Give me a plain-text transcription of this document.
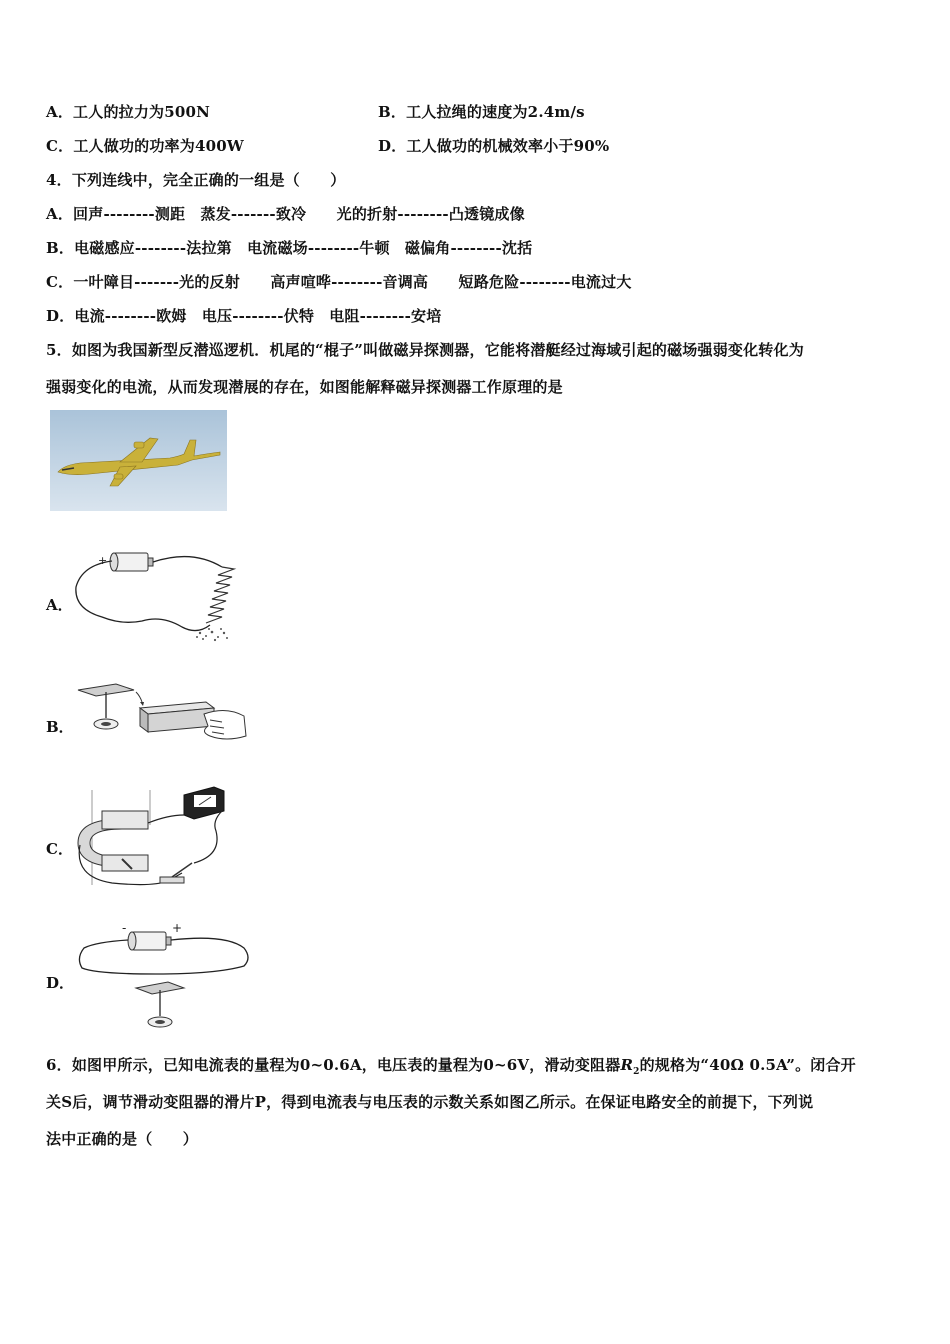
A．工人的拉力为500N	B．工人拉绳的速度为2.4m/s
C．工人做功的功率为400W	D．工人做功的机械效率小于90%
4．下列连线中，完全正确的一组是（　　）
A．回声--------测距　蒸发-------致冷　　光的折射--------凸透镜成像
B．电磁感应--------法拉第　电流磁场--------牛顿　磁偏角--------沈括
C．一叶障目-------光的反射　　高声喧哗--------音调高　　短路危险--------电流过大
D．电流--------欧姆　电压--------伏特　电阻--------安培
5．如图为我国新型反潜巡逻机．机尾的“棍子”叫做磁异探测器，它能将潜艇经过海域引起的磁场强弱变化转化为
强弱变化的电流，从而发现潜展的存在，如图能解释磁异探测器工作原理的是
A．
+
B．
C．
D．
-	+
6．如图甲所示，已知电流表的量程为0~0.6A，电压表的量程为0~6V，滑动变阻器$R_2$的规格为“40Ω 0.5A”。闭合开
关S后，调节滑动变阻器的滑片P，得到电流表与电压表的示数关系如图乙所示。在保证电路安全的前提下，下列说
法中正确的是（　　）
